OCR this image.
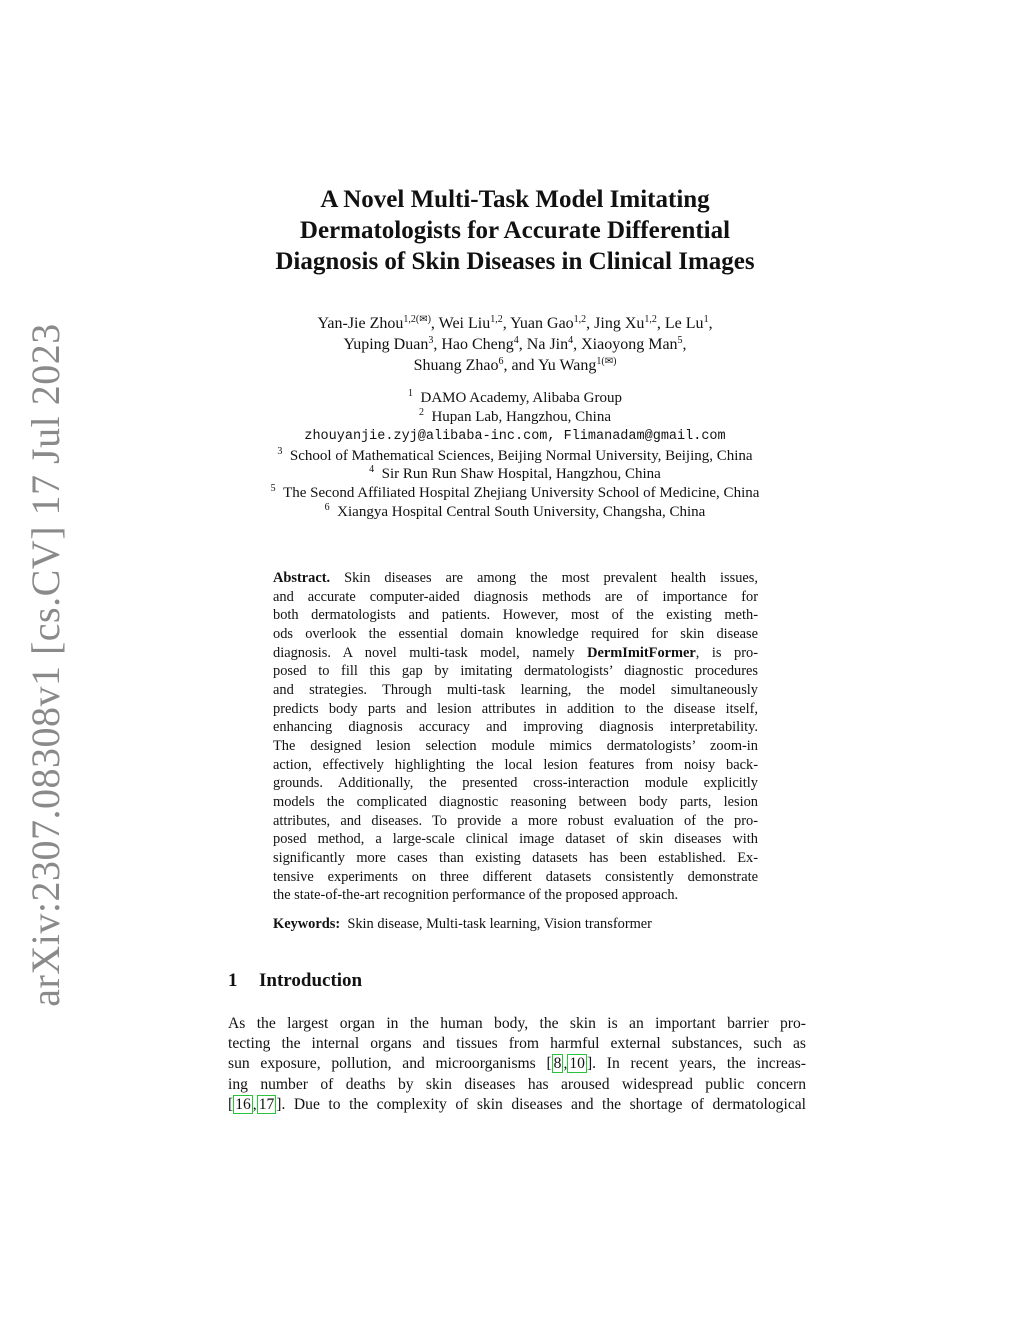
arXiv:2307.08308v1 [cs.CV] 17 Jul 2023
A Novel Multi-Task Model Imitating
Dermatologists for Accurate Differential
Diagnosis of Skin Diseases in Clinical Images
Yan-Jie Zhou$^{1,2(✉)}$, Wei Liu$^{1,2}$, Yuan Gao$^{1,2}$, Jing Xu$^{1,2}$, Le Lu$^1$,
Yuping Duan$^3$, Hao Cheng$^4$, Na Jin$^4$, Xiaoyong Man$^5$,
Shuang Zhao$^6$, and Yu Wang$^{1(✉)}$
$^1$ DAMO Academy, Alibaba Group
$^2$ Hupan Lab, Hangzhou, China
zhouyanjie.zyj@alibaba-inc.com, Flimanadam@gmail.com
$^3$ School of Mathematical Sciences, Beijing Normal University, Beijing, China
$^4$ Sir Run Run Shaw Hospital, Hangzhou, China
$^5$ The Second Affiliated Hospital Zhejiang University School of Medicine, China
$^6$ Xiangya Hospital Central South University, Changsha, China
Abstract. Skin diseases are among the most prevalent health issues,
and accurate computer-aided diagnosis methods are of importance for
both dermatologists and patients. However, most of the existing meth-
ods overlook the essential domain knowledge required for skin disease
diagnosis. A novel multi-task model, namely DermImitFormer, is pro-
posed to fill this gap by imitating dermatologists’ diagnostic procedures
and strategies. Through multi-task learning, the model simultaneously
predicts body parts and lesion attributes in addition to the disease itself,
enhancing diagnosis accuracy and improving diagnosis interpretability.
The designed lesion selection module mimics dermatologists’ zoom-in
action, effectively highlighting the local lesion features from noisy back-
grounds. Additionally, the presented cross-interaction module explicitly
models the complicated diagnostic reasoning between body parts, lesion
attributes, and diseases. To provide a more robust evaluation of the pro-
posed method, a large-scale clinical image dataset of skin diseases with
significantly more cases than existing datasets has been established. Ex-
tensive experiments on three different datasets consistently demonstrate
the state-of-the-art recognition performance of the proposed approach.
Keywords: Skin disease, Multi-task learning, Vision transformer
1 Introduction
As the largest organ in the human body, the skin is an important barrier pro-
tecting the internal organs and tissues from harmful external substances, such as
sun exposure, pollution, and microorganisms [ 8 , 10 ]. In recent years, the increas-
ing number of deaths by skin diseases has aroused widespread public concern
[ 16 , 17 ]. Due to the complexity of skin diseases and the shortage of dermatological
